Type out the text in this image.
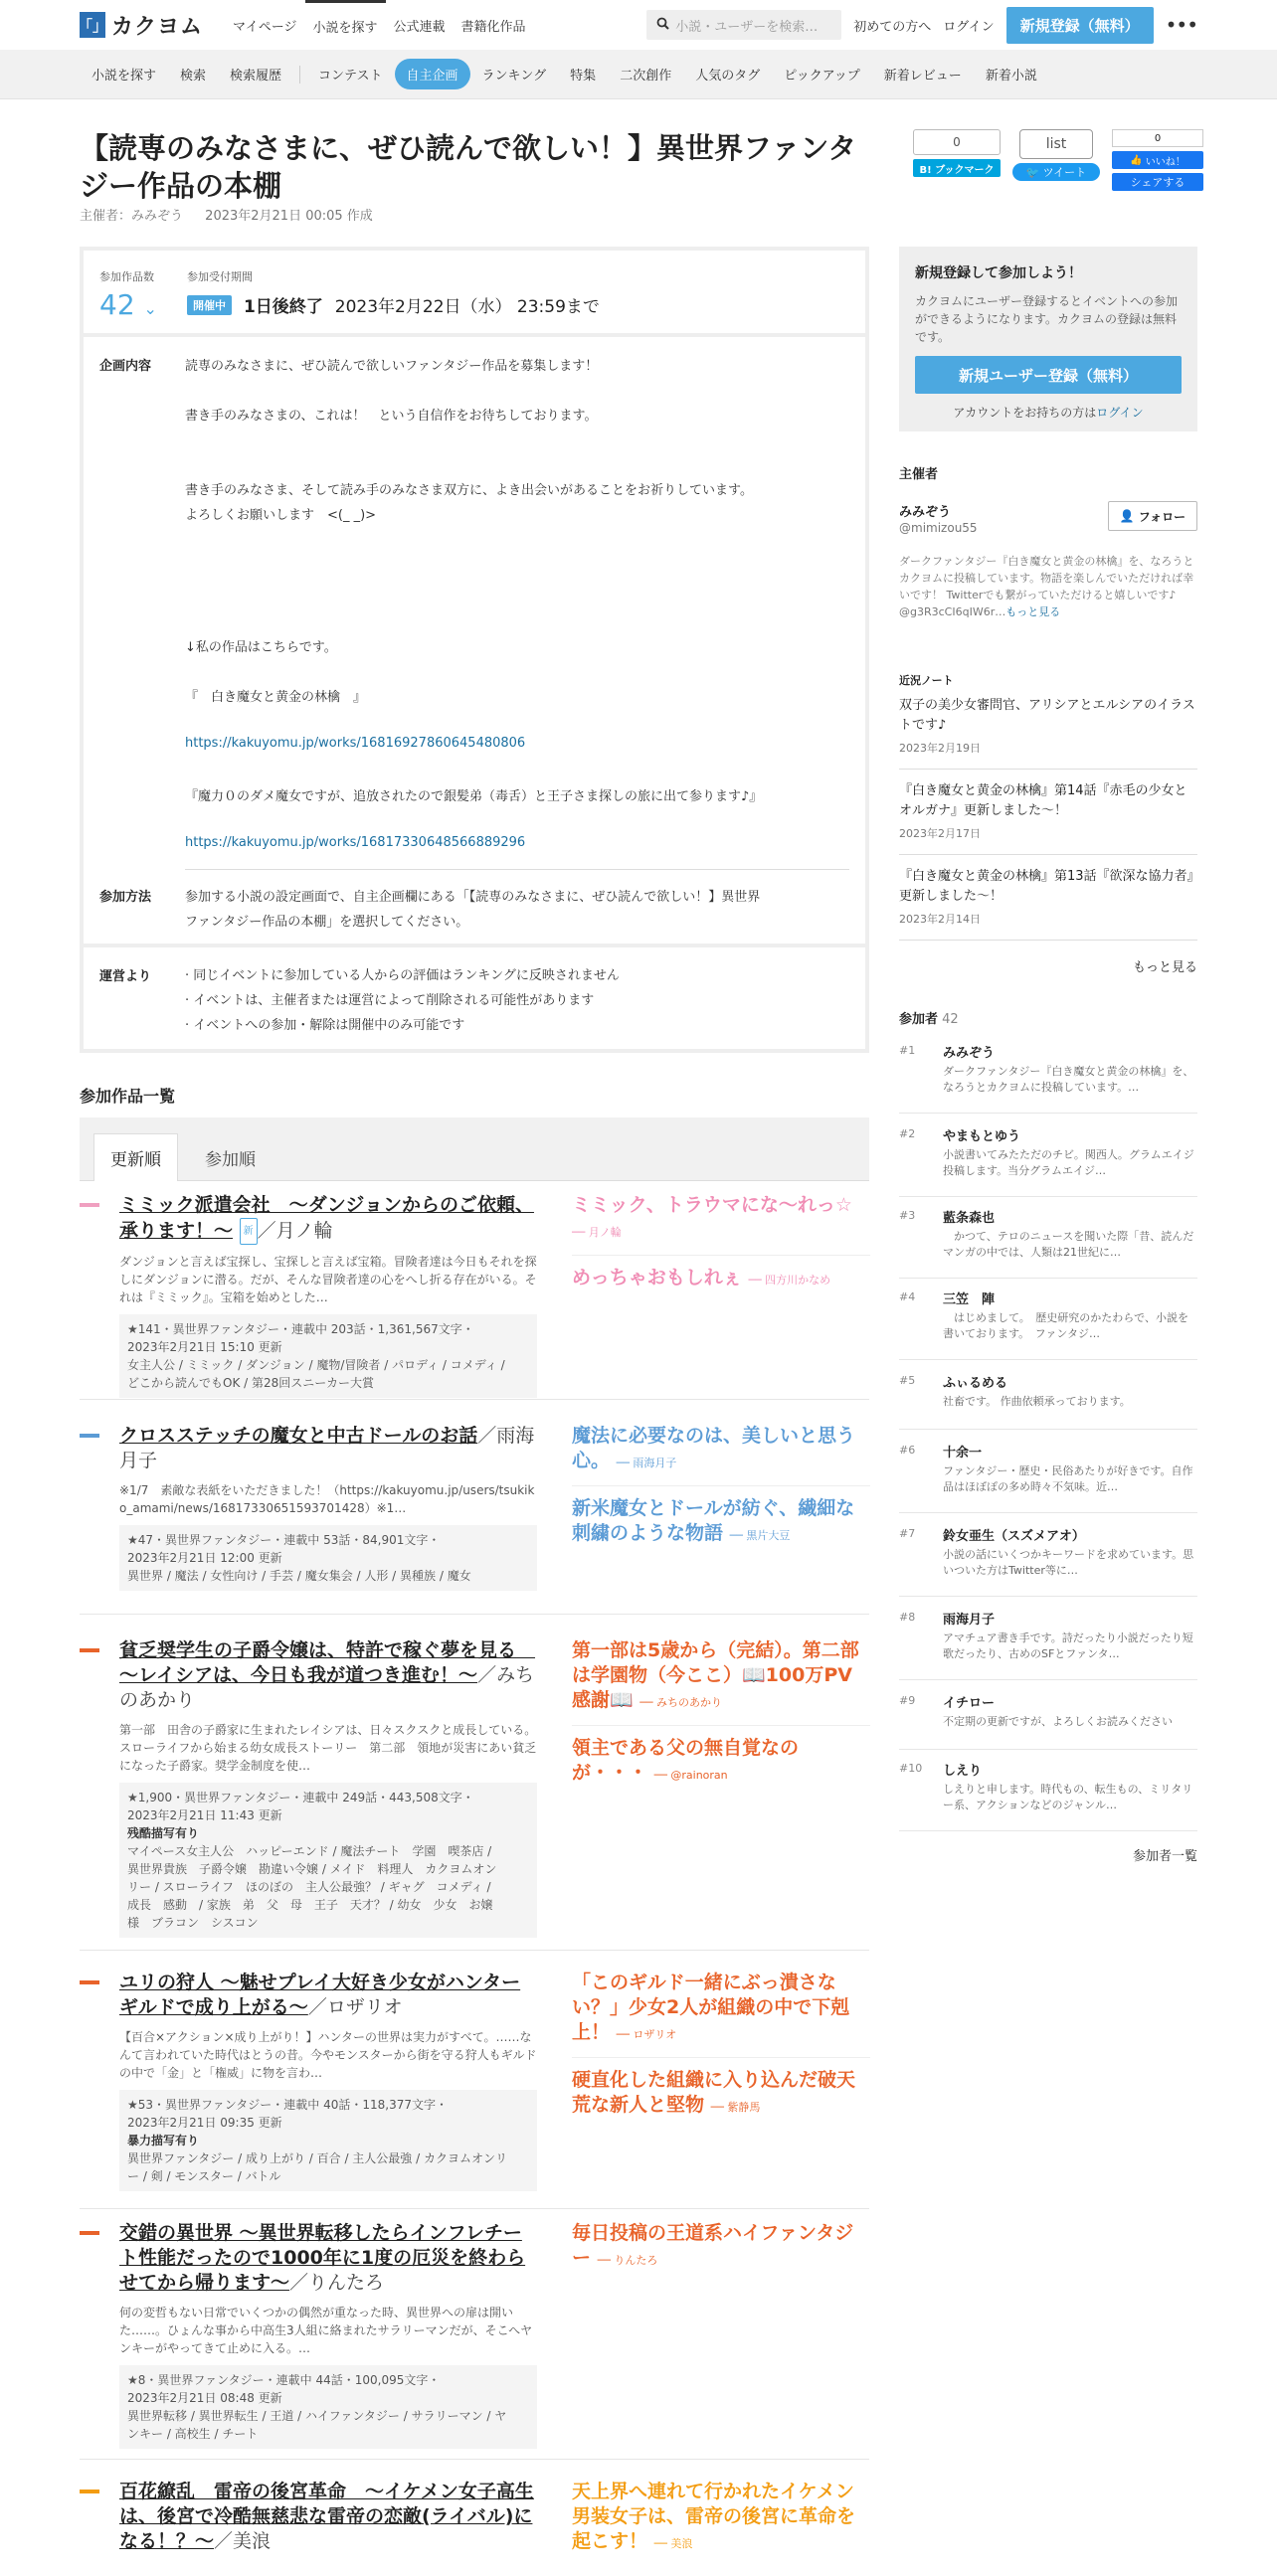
「」 カクヨム	マイページ	小説を探す	公式連載	書籍化作品	小説・ユーザーを検索…	初めての方へ ログイン	新規登録（無料）	•••
小説を探す	検索	検索履歴	コンテスト	自主企画	ランキング	特集	二次創作	人気のタグ	ピックアップ	新着レビュー	新着小説
【読専のみなさまに、ぜひ読んで欲しい！】異世界ファンタジー作品の本棚
主催者：みみぞう 2023年2月21日 00:05 作成
0
B! ブックマーク
list
🐦 ツイート
0
👍 いいね！
シェアする
参加作品数
42 ⌄
参加受付期間
開催中	1日後終了 2023年2月22日（水） 23:59まで
企画内容	読専のみなさまに、ぜひ読んで欲しいファンタジー作品を募集します！
書き手のみなさまの、これは！　という自信作をお待ちしております。
書き手のみなさま、そして読み手のみなさま双方に、よき出会いがあることをお祈りしています。
よろしくお願いします　<(_ _)>
↓私の作品はこちらです。
『　白き魔女と黄金の林檎　』
https://kakuyomu.jp/works/16816927860645480806
『魔力０のダメ魔女ですが、追放されたので銀髪弟（毒舌）と王子さま探しの旅に出て参ります♪』
https://kakuyomu.jp/works/16817330648566889296
参加方法	参加する小説の設定画面で、自主企画欄にある「【読専のみなさまに、ぜひ読んで欲しい！】異世界
ファンタジー作品の本棚」を選択してください。
運営より	· 同じイベントに参加している人からの評価はランキングに反映されません
· イベントは、主催者または運営によって削除される可能性があります
· イベントへの参加・解除は開催中のみ可能です
参加作品一覧
更新順	参加順
ミミック派遣会社　～ダンジョンからのご依頼、承ります！～ 新 ／月ノ輪
ダンジョンと言えば宝探し、宝探しと言えば宝箱。冒険者達は今日もそれを探しにダンジョンに潜る。だが、そんな冒険者達の心をへし折る存在がいる。それは『ミミック』。宝箱を始めとした…
★141・異世界ファンタジー・連載中 203話・1,361,567文字・
2023年2月21日 15:10 更新
女主人公 / ミミック / ダンジョン / 魔物/冒険者 / パロディ / コメディ /
どこから読んでもOK / 第28回スニーカー大賞
ミミック、トラウマにな～れっ☆ ── 月ノ輪
めっちゃおもしれぇ ── 四方川かなめ
クロスステッチの魔女と中古ドールのお話／雨海月子
※1/7　素敵な表紙をいただきました！（https://kakuyomu.jp/users/tsukiko_amami/news/16817330651593701428）※1…
★47・異世界ファンタジー・連載中 53話・84,901文字・
2023年2月21日 12:00 更新
異世界 / 魔法 / 女性向け / 手芸 / 魔女集会 / 人形 / 異種族 / 魔女
魔法に必要なのは、美しいと思う心。 ── 雨海月子
新米魔女とドールが紡ぐ、繊細な刺繍のような物語 ── 黒片大豆
貧乏奨学生の子爵令嬢は、特許で稼ぐ夢を見る　～レイシアは、今日も我が道つき進む！～／みちのあかり
第一部　田舎の子爵家に生まれたレイシアは、日々スクスクと成長している。スローライフから始まる幼女成長ストーリー　第二部　領地が災害にあい貧乏になった子爵家。奨学金制度を使…
★1,900・異世界ファンタジー・連載中 249話・443,508文字・
2023年2月21日 11:43 更新
残酷描写有り
マイペース女主人公　ハッピーエンド / 魔法チート　学園　喫茶店 /
異世界貴族　子爵令嬢　勘違い令嬢 / メイド　料理人　カクヨムオン
リー / スローライフ　ほのぼの　主人公最強？ / ギャグ　コメディ /
成長　感動　/ 家族　弟　父　母　王子　天才？ / 幼女　少女　お嬢
様　ブラコン　シスコン
第一部は5歳から（完結）。第二部は学園物（今ここ）📖100万PV感謝📖 ── みちのあかり
領主である父の無自覚なのが・・・ ── @rainoran
ユリの狩人 ～魅せプレイ大好き少女がハンターギルドで成り上がる～／ロザリオ
【百合×アクション×成り上がり！】ハンターの世界は実力がすべて。……なんて言われていた時代はとうの昔。今やモンスターから街を守る狩人もギルドの中で「金」と「権威」に物を言わ…
★53・異世界ファンタジー・連載中 40話・118,377文字・
2023年2月21日 09:35 更新
暴力描写有り
異世界ファンタジー / 成り上がり / 百合 / 主人公最強 / カクヨムオンリ
ー / 剣 / モンスター / バトル
「このギルド一緒にぶっ潰さない？」少女2人が組織の中で下剋上！ ── ロザリオ
硬直化した組織に入り込んだ破天荒な新人と堅物 ── 紫静馬
交錯の異世界 〜異世界転移したらインフレチート性能だったので1000年に1度の厄災を終わらせてから帰ります〜／りんたろ
何の変哲もない日常でいくつかの偶然が重なった時、異世界への扉は開いた……。ひょんな事から中高生3人組に絡まれたサラリーマンだが、そこへヤンキーがやってきて止めに入る。…
★8・異世界ファンタジー・連載中 44話・100,095文字・
2023年2月21日 08:48 更新
異世界転移 / 異世界転生 / 王道 / ハイファンタジー / サラリーマン / ヤ
ンキー / 高校生 / チート
毎日投稿の王道系ハイファンタジー ── りんたろ
百花繚乱　雷帝の後宮革命　〜イケメン女子高生は、後宮で冷酷無慈悲な雷帝の恋敵(ライバル)になる！？〜／美浪
天上界へ連れて行かれたイケメン男装女子は、雷帝の後宮に革命を起こす！ ── 美浪
新規登録して参加しよう！

カクヨムにユーザー登録するとイベントへの参加ができるようになります。カクヨムの登録は無料です。

新規ユーザー登録（無料）
アカウントをお持ちの方はログイン
主催者
みみぞう
@mimizou55
👤 フォロー
ダークファンタジー『白き魔女と黄金の林檎』を、なろうとカクヨムに投稿しています。物語を楽しんでいただければ幸いです！ Twitterでも繋がっていただけると嬉しいです♪　@g3R3cCI6qIW6r…もっと見る
近況ノート
双子の美少女審問官、アリシアとエルシアのイラストです♪
2023年2月19日
『白き魔女と黄金の林檎』第14話『赤毛の少女とオルガナ』更新しました～！
2023年2月17日
『白き魔女と黄金の林檎』第13話『欲深な協力者』更新しました～！
2023年2月14日
もっと見る
参加者 42
#1 みみぞう
ダークファンタジー『白き魔女と黄金の林檎』を、なろうとカクヨムに投稿しています。…
#2 やまもとゆう
小説書いてみたただのチビ。関西人。グラムエイジ投稿します。当分グラムエイジ…
#3 藍条森也
　かつて、テロのニュースを聞いた際「昔、読んだマンガの中では、人類は21世紀に…
#4 三笠　陣
　はじめまして。　歴史研究のかたわらで、小説を書いております。　ファンタジ…
#5 ふぃるめる
社畜です。 作曲依頼承っております。
#6 十余一
ファンタジー・歴史・民俗あたりが好きです。自作品はほぼぽの多め時々不気味。近…
#7 鈴女亜生（スズメアオ）
小説の話にいくつかキーワードを求めています。思いついた方はTwitter等に…
#8 雨海月子
アマチュア書き手です。詩だったり小説だったり短歌だったり、古めのSFとファンタ…
#9 イチロー
不定期の更新ですが、よろしくお読みください
#10 しえり
しえりと申します。時代もの、転生もの、ミリタリー系、アクションなどのジャンル…
参加者一覧
